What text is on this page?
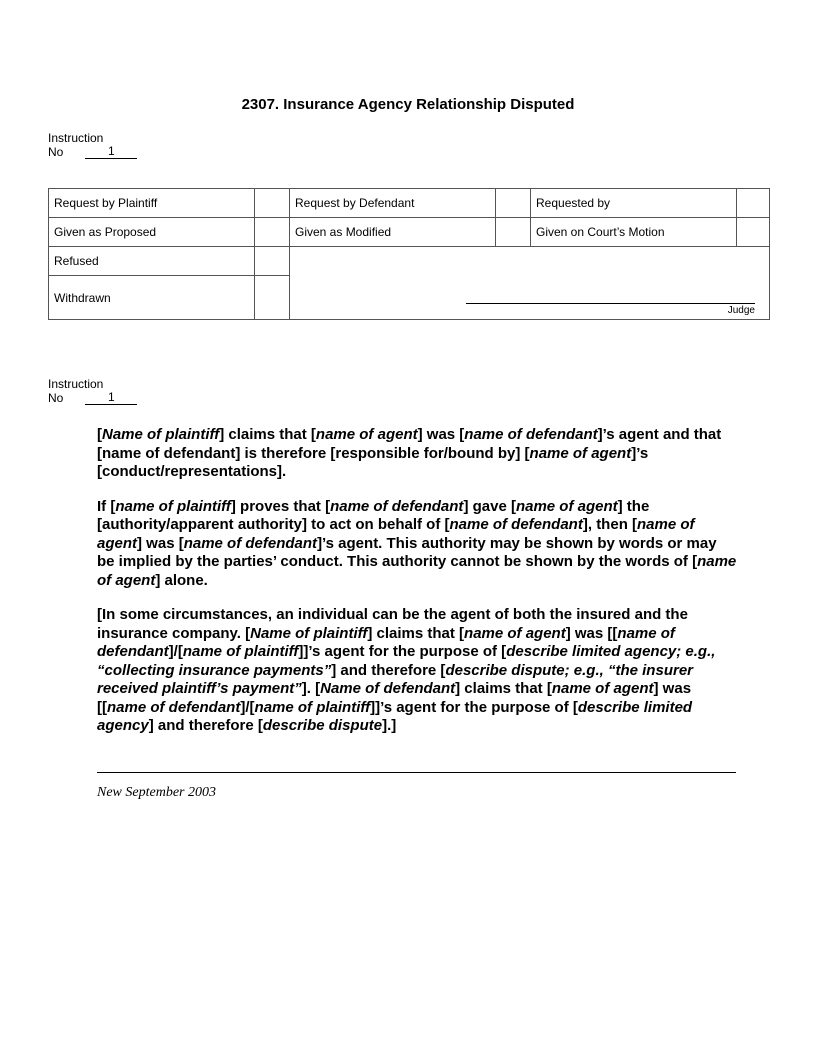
2307. Insurance Agency Relationship Disputed
Instruction
No	1
Request by Plaintiff		Request by Defendant		Requested by	
Given as Proposed		Given as Modified		Given on Court’s Motion	
Refused		Judge			

Withdrawn					
Instruction
No	1

[Name of plaintiff] claims that [name of agent] was [name of defendant]’s agent and that [name of defendant] is therefore [responsible for/bound by] [name of agent]’s [conduct/representations].

If [name of plaintiff] proves that [name of defendant] gave [name of agent] the [authority/apparent authority] to act on behalf of [name of defendant], then [name of agent] was [name of defendant]’s agent. This authority may be shown by words or may be implied by the parties’ conduct. This authority cannot be shown by the words of [name of agent] alone.

[In some circumstances, an individual can be the agent of both the insured and the insurance company. [Name of plaintiff] claims that [name of agent] was [[name of defendant]/[name of plaintiff]]’s agent for the purpose of [describe limited agency; e.g., “collecting insurance payments”] and therefore [describe dispute; e.g., “the insurer received plaintiff’s payment”]. [Name of defendant] claims that [name of agent] was [[name of defendant]/[name of plaintiff]]’s agent for the purpose of [describe limited agency] and therefore [describe dispute].]

New September 2003
